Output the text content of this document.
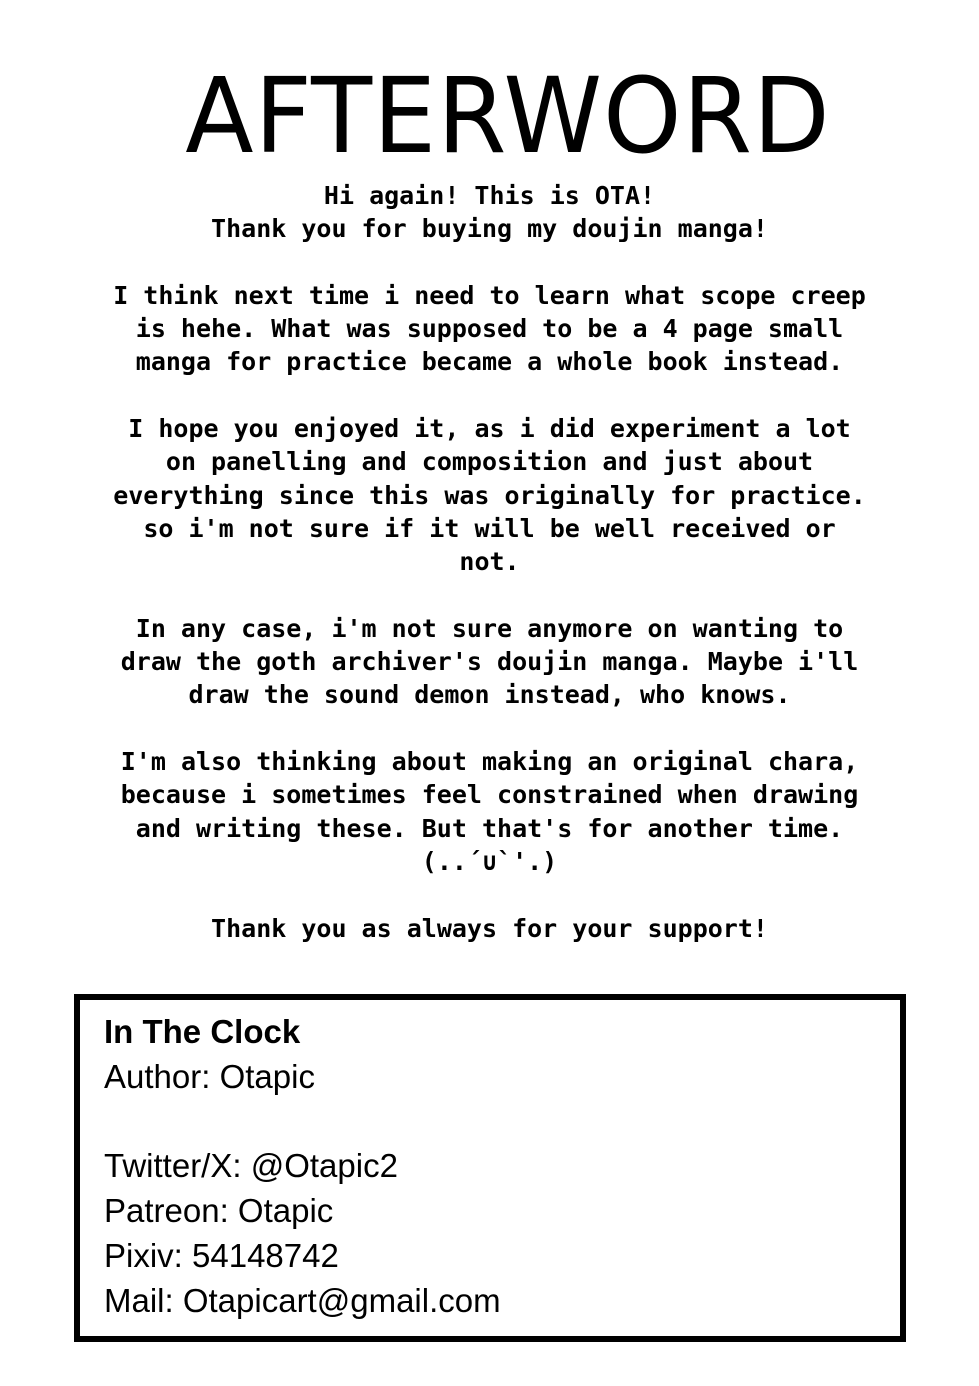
AFTERWORD

Hi again! This is OTA!
Thank you for buying my doujin manga!

I think next time i need to learn what scope creep
is hehe. What was supposed to be a 4 page small
manga for practice became a whole book instead.

I hope you enjoyed it, as i did experiment a lot
on panelling and composition and just about
everything since this was originally for practice.
so i'm not sure if it will be well received or
not.

In any case, i'm not sure anymore on wanting to
draw the goth archiver's doujin manga. Maybe i'll
draw the sound demon instead, who knows.

I'm also thinking about making an original chara,
because i sometimes feel constrained when drawing
and writing these. But that's for another time.
(..´∪`'.)

Thank you as always for your support!

In The Clock
Author: Otapic
Twitter/X: @Otapic2
Patreon: Otapic
Pixiv: 54148742
Mail: Otapicart@gmail.com
